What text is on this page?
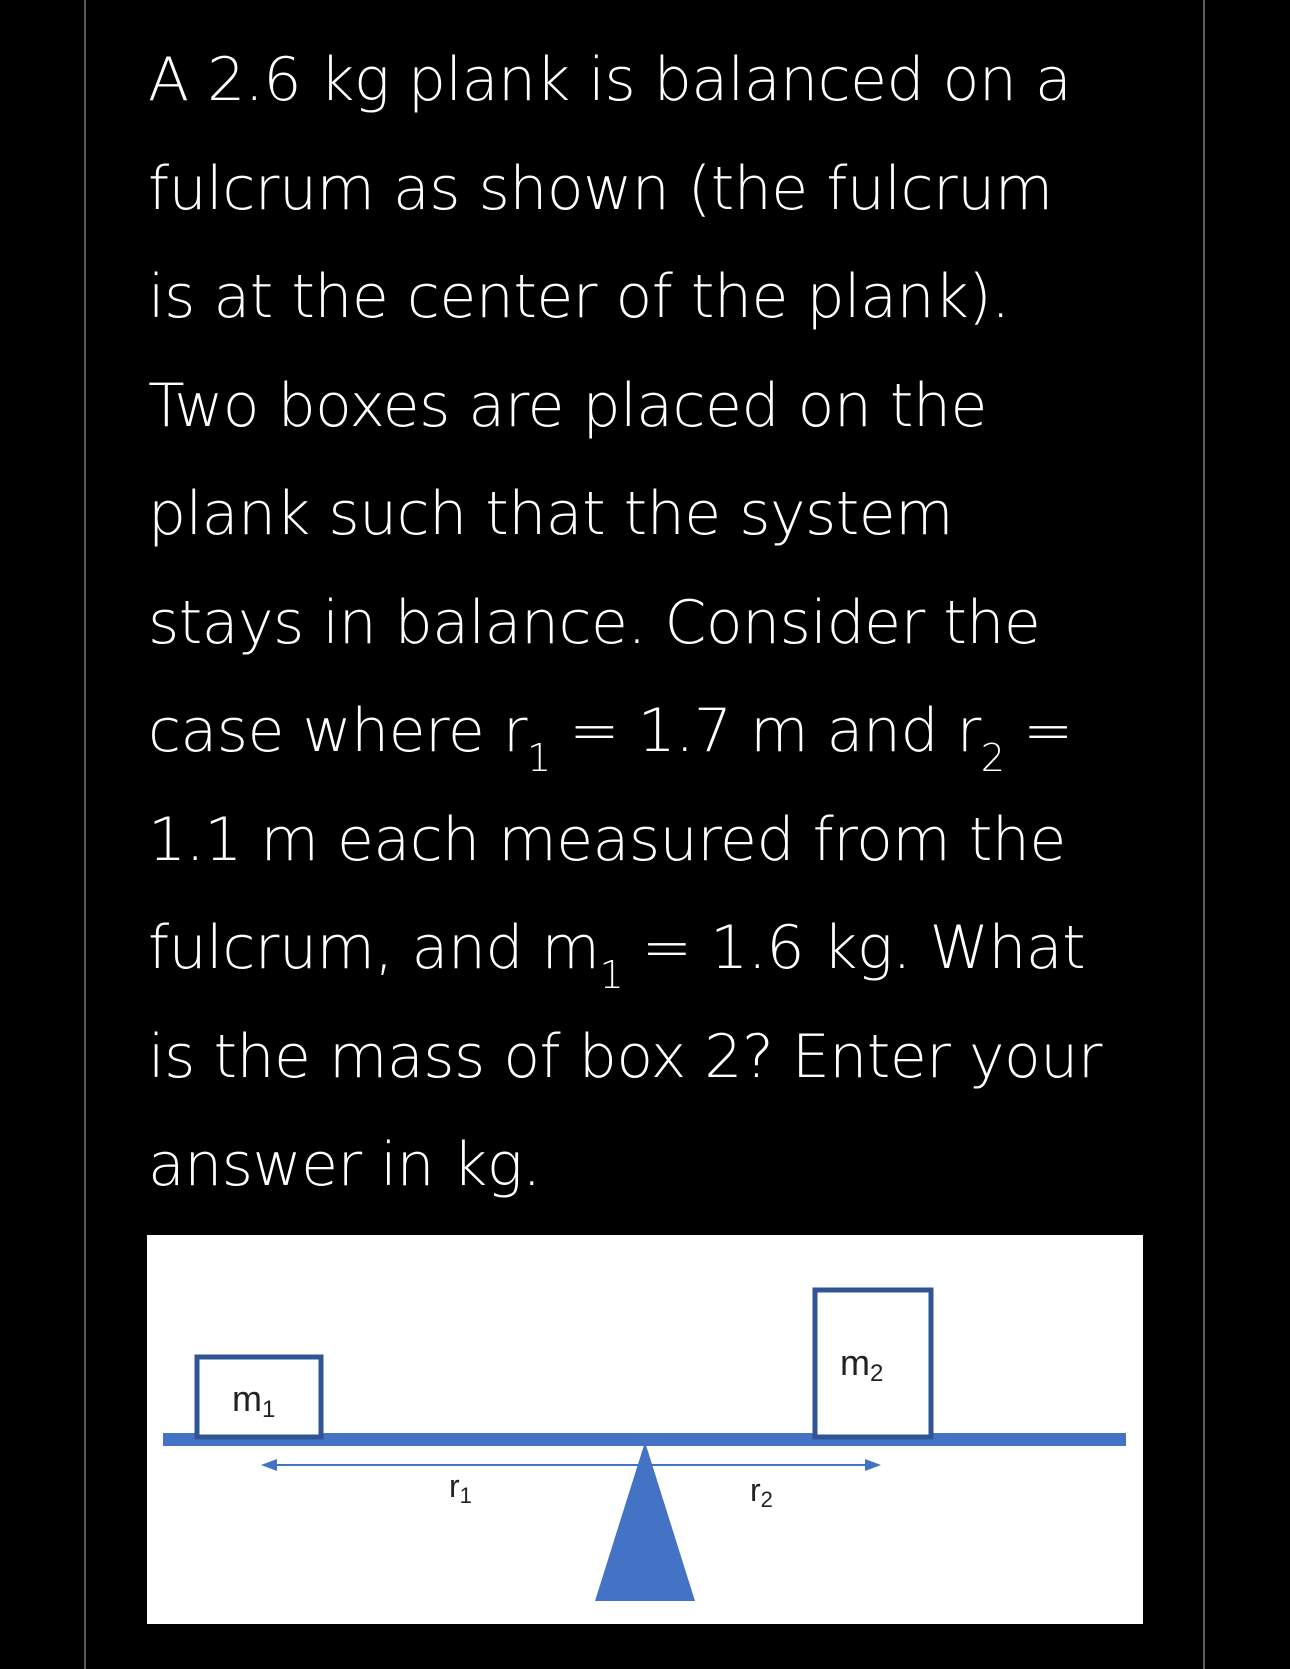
A 2.6 kg plank is balanced on a
fulcrum as shown (the fulcrum
is at the center of the plank).
Two boxes are placed on the
plank such that the system
stays in balance. Consider the
case where $r_1 = 1.7$ m and $r_2$ =
1.1 m each measured from the
fulcrum, and $m_1 = 1.6$ kg. What
is the mass of box 2? Enter your
answer in kg.

m1
m2
r1	r2
